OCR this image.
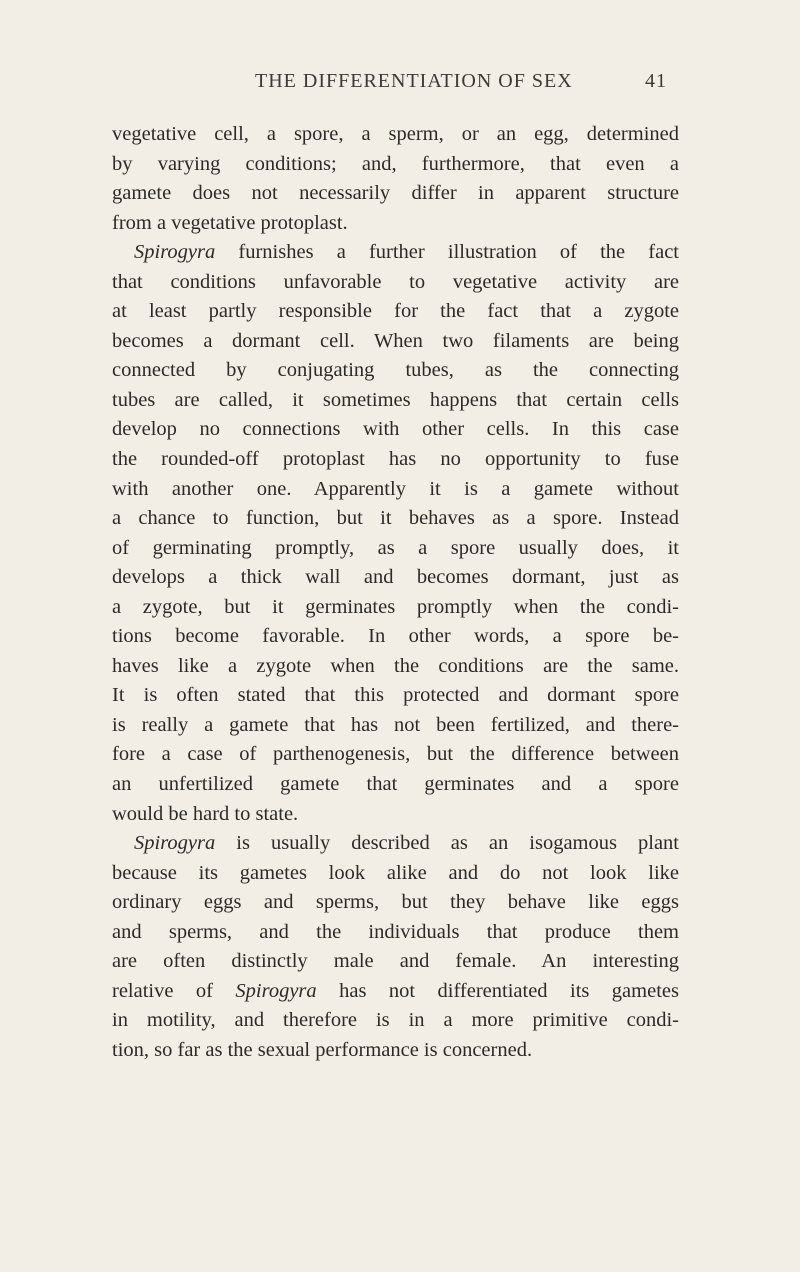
THE DIFFERENTIATION OF SEX	41
vegetative cell, a spore, a sperm, or an egg, determined
by varying conditions; and, furthermore, that even a
gamete does not necessarily differ in apparent structure
from a vegetative protoplast.
Spirogyra furnishes a further illustration of the fact
that conditions unfavorable to vegetative activity are
at least partly responsible for the fact that a zygote
becomes a dormant cell. When two filaments are being
connected by conjugating tubes, as the connecting
tubes are called, it sometimes happens that certain cells
develop no connections with other cells. In this case
the rounded-off protoplast has no opportunity to fuse
with another one. Apparently it is a gamete without
a chance to function, but it behaves as a spore. Instead
of germinating promptly, as a spore usually does, it
develops a thick wall and becomes dormant, just as
a zygote, but it germinates promptly when the condi-
tions become favorable. In other words, a spore be-
haves like a zygote when the conditions are the same.
It is often stated that this protected and dormant spore
is really a gamete that has not been fertilized, and there-
fore a case of parthenogenesis, but the difference between
an unfertilized gamete that germinates and a spore
would be hard to state.
Spirogyra is usually described as an isogamous plant
because its gametes look alike and do not look like
ordinary eggs and sperms, but they behave like eggs
and sperms, and the individuals that produce them
are often distinctly male and female. An interesting
relative of Spirogyra has not differentiated its gametes
in motility, and therefore is in a more primitive condi-
tion, so far as the sexual performance is concerned.
